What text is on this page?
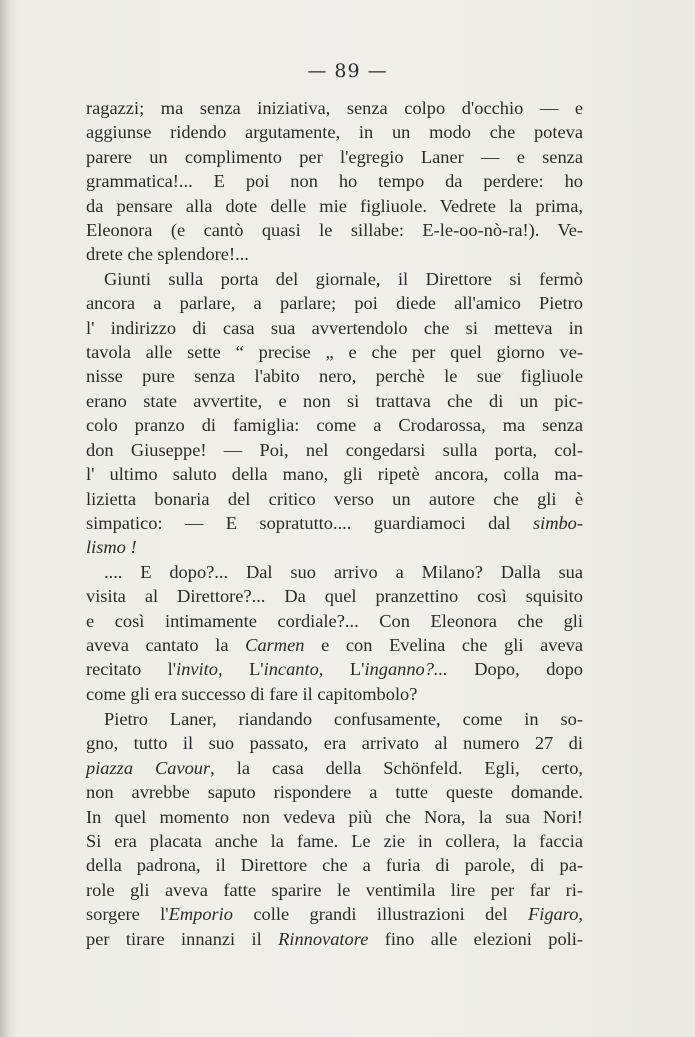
— 89 —

ragazzi; ma senza iniziativa, senza colpo d'occhio — e
aggiunse ridendo argutamente, in un modo che poteva
parere un complimento per l'egregio Laner — e senza
grammatica!... E poi non ho tempo da perdere: ho
da pensare alla dote delle mie figliuole. Vedrete la prima,
Eleonora (e cantò quasi le sillabe: E-le-oo-nò-ra!). Ve-
drete che splendore!...

Giunti sulla porta del giornale, il Direttore si fermò
ancora a parlare, a parlare; poi diede all'amico Pietro
l' indirizzo di casa sua avvertendolo che si metteva in
tavola alle sette “ precise „ e che per quel giorno ve-
nisse pure senza l'abito nero, perchè le sue figliuole
erano state avvertite, e non si trattava che di un pic-
colo pranzo di famiglia: come a Crodarossa, ma senza
don Giuseppe! — Poi, nel congedarsi sulla porta, col-
l' ultimo saluto della mano, gli ripetè ancora, colla ma-
lizietta bonaria del critico verso un autore che gli è
simpatico: — E sopratutto.... guardiamoci dal simbo-
lismo !

.... E dopo?... Dal suo arrivo a Milano? Dalla sua
visita al Direttore?... Da quel pranzettino così squisito
e così intimamente cordiale?... Con Eleonora che gli
aveva cantato la Carmen e con Evelina che gli aveva
recitato l'invito, L'incanto, L'inganno?... Dopo, dopo
come gli era successo di fare il capitombolo?

Pietro Laner, riandando confusamente, come in so-
gno, tutto il suo passato, era arrivato al numero 27 di
piazza Cavour, la casa della Schönfeld. Egli, certo,
non avrebbe saputo rispondere a tutte queste domande.
In quel momento non vedeva più che Nora, la sua Nori!
Si era placata anche la fame. Le zie in collera, la faccia
della padrona, il Direttore che a furia di parole, di pa-
role gli aveva fatte sparire le ventimila lire per far ri-
sorgere l'Emporio colle grandi illustrazioni del Figaro,
per tirare innanzi il Rinnovatore fino alle elezioni poli-
